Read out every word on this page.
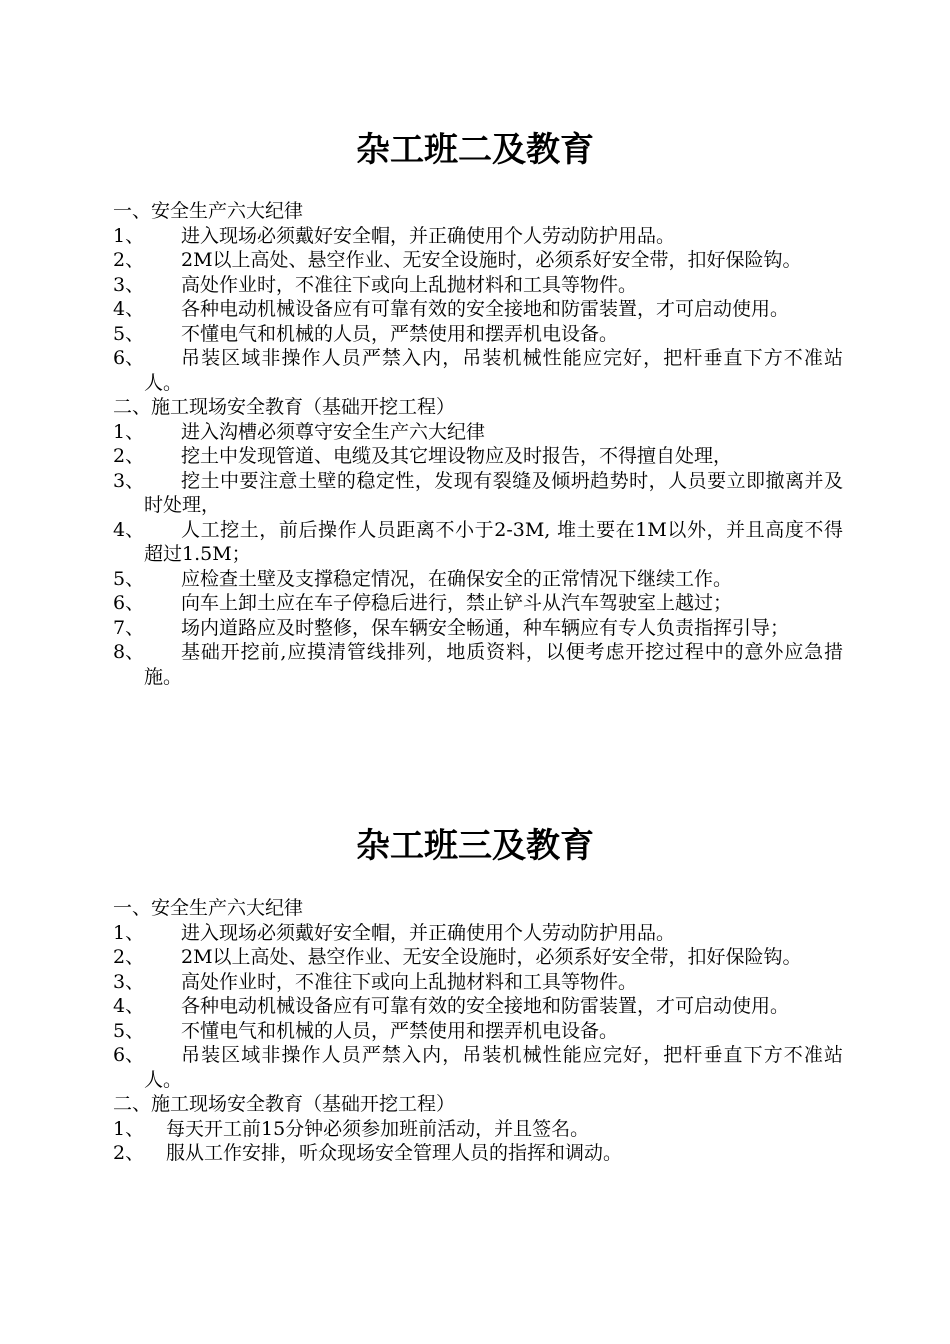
杂工班二及教育

一、安全生产六大纪律

1、	进入现场必须戴好安全帽，并正确使用个人劳动防护用品。
2、	2M以上高处、悬空作业、无安全设施时，必须系好安全带，扣好保险钩。
3、	高处作业时，不准往下或向上乱抛材料和工具等物件。
4、	各种电动机械设备应有可靠有效的安全接地和防雷装置，才可启动使用。
5、	不懂电气和机械的人员，严禁使用和摆弄机电设备。
6、	吊装区域非操作人员严禁入内，吊装机械性能应完好，把杆垂直下方不准站人。

二、施工现场安全教育（基础开挖工程）

1、	进入沟槽必须尊守安全生产六大纪律
2、	挖土中发现管道、电缆及其它埋设物应及时报告，不得擅自处理，
3、	挖土中要注意土壁的稳定性，发现有裂缝及倾坍趋势时，人员要立即撤离并及时处理，
4、	人工挖土，前后操作人员距离不小于2-3M, 堆土要在1M以外，并且高度不得超过1.5M；
5、	应检查土壁及支撑稳定情况，在确保安全的正常情况下继续工作。
6、	向车上卸土应在车子停稳后进行，禁止铲斗从汽车驾驶室上越过；
7、	场内道路应及时整修，保车辆安全畅通，种车辆应有专人负责指挥引导；
8、	基础开挖前,应摸清管线排列，地质资料，以便考虑开挖过程中的意外应急措施。
杂工班三及教育

一、安全生产六大纪律

1、	进入现场必须戴好安全帽，并正确使用个人劳动防护用品。
2、	2M以上高处、悬空作业、无安全设施时，必须系好安全带，扣好保险钩。
3、	高处作业时，不准往下或向上乱抛材料和工具等物件。
4、	各种电动机械设备应有可靠有效的安全接地和防雷装置，才可启动使用。
5、	不懂电气和机械的人员，严禁使用和摆弄机电设备。
6、	吊装区域非操作人员严禁入内，吊装机械性能应完好，把杆垂直下方不准站人。

二、施工现场安全教育（基础开挖工程）

1、	每天开工前15分钟必须参加班前活动，并且签名。
2、	服从工作安排，听众现场安全管理人员的指挥和调动。
